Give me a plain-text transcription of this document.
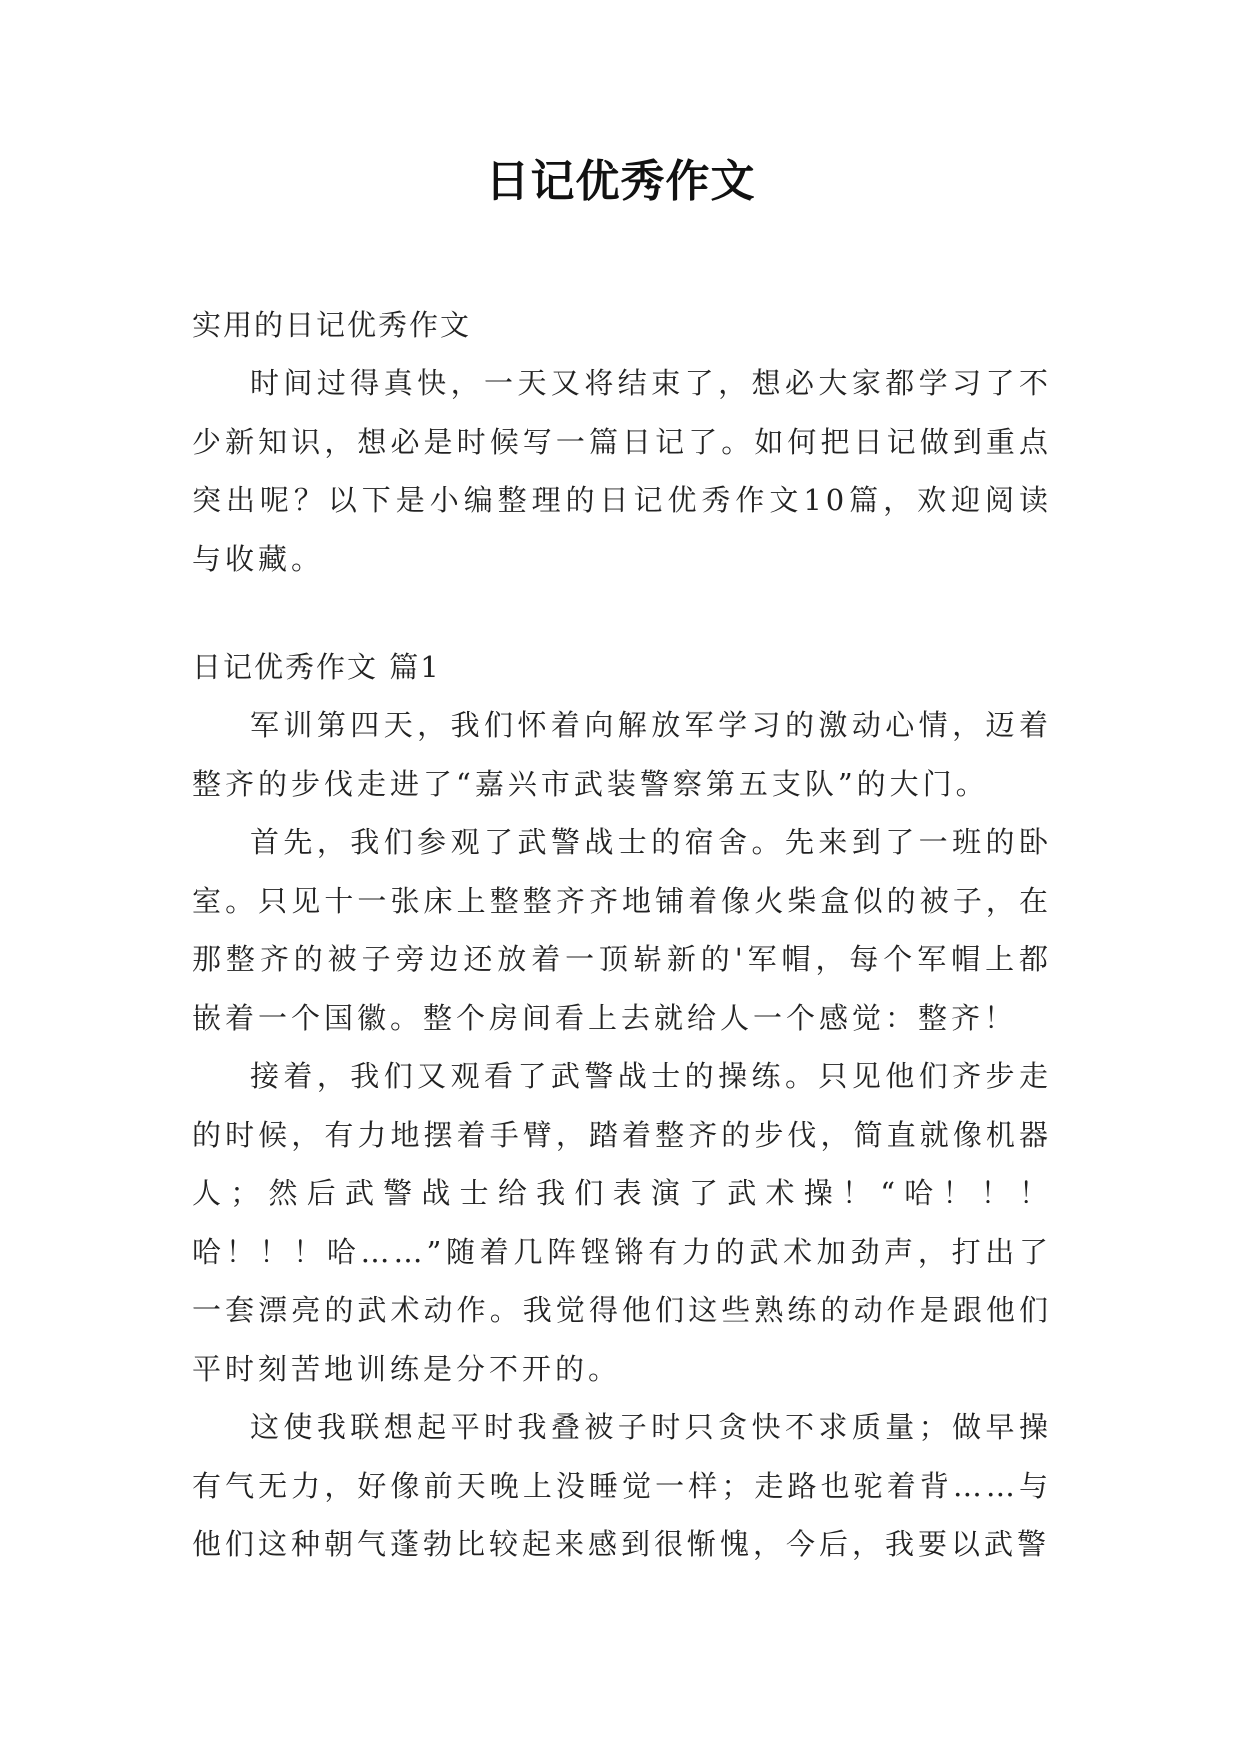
日记优秀作文
实用的日记优秀作文

时间过得真快，一天又将结束了，想必大家都学习了不少新知识，想必是时候写一篇日记了。如何把日记做到重点突出呢？以下是小编整理的日记优秀作文10篇，欢迎阅读与收藏。

日记优秀作文 篇1

军训第四天，我们怀着向解放军学习的激动心情，迈着整齐的步伐走进了“嘉兴市武装警察第五支队”的大门。

首先，我们参观了武警战士的宿舍。先来到了一班的卧室。只见十一张床上整整齐齐地铺着像火柴盒似的被子，在那整齐的被子旁边还放着一顶崭新的'军帽，每个军帽上都嵌着一个国徽。整个房间看上去就给人一个感觉：整齐！

接着，我们又观看了武警战士的操练。只见他们齐步走的时候，有力地摆着手臂，踏着整齐的步伐，简直就像机器人；然后武警战士给我们表演了武术操！“哈！！！哈！！！哈……”随着几阵铿锵有力的武术加劲声，打出了一套漂亮的武术动作。我觉得他们这些熟练的动作是跟他们平时刻苦地训练是分不开的。

这使我联想起平时我叠被子时只贪快不求质量；做早操有气无力，好像前天晚上没睡觉一样；走路也驼着背……与他们这种朝气蓬勃比较起来感到很惭愧，今后，我要以武警
